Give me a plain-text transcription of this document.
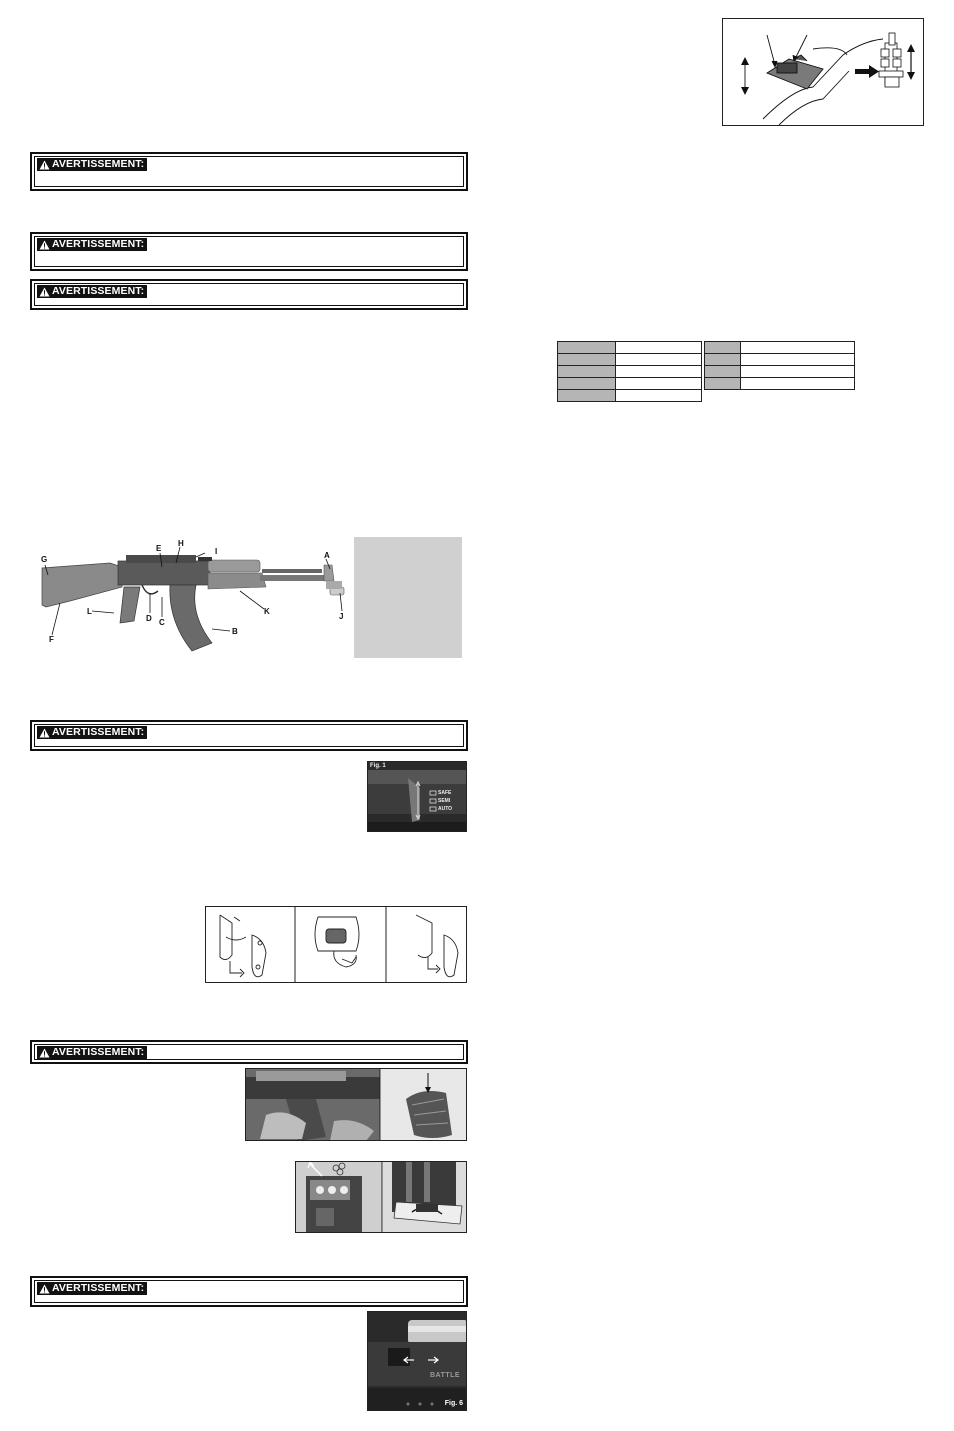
AVERTISSEMENT:
AVERTISSEMENT:
AVERTISSEMENT:
AVERTISSEMENT:
AVERTISSEMENT:
AVERTISSEMENT:
G
F
L
D C
E
H
I	A
J
K
B
Fig. 1
SAFE
SEMI
AUTO
BATTLE
Fig. 6
